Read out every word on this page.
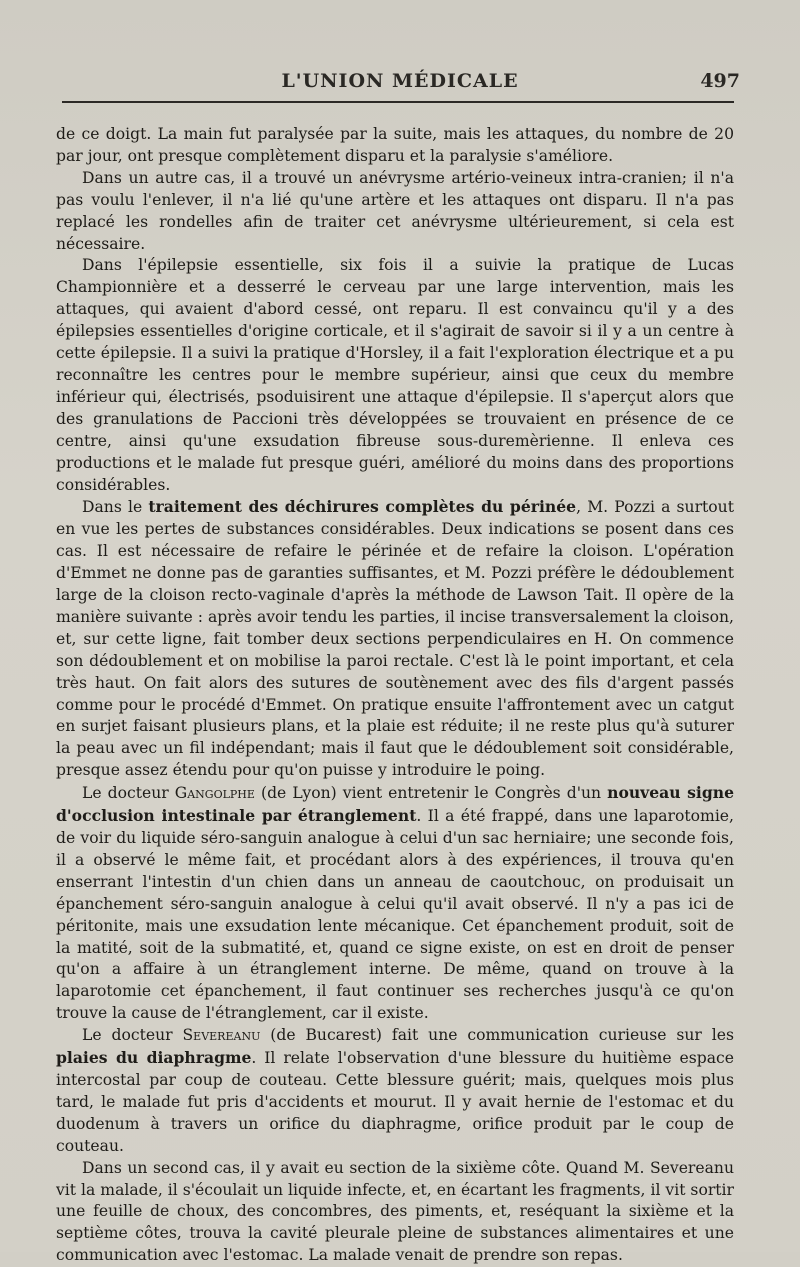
L'UNION MÉDICALE	497

de ce doigt. La main fut paralysée par la suite, mais les attaques, du nombre de 20 par jour, ont presque complètement disparu et la paralysie s'améliore.

Dans un autre cas, il a trouvé un anévrysme artério-veineux intra-cranien; il n'a pas voulu l'enlever, il n'a lié qu'une artère et les attaques ont disparu. Il n'a pas replacé les rondelles afin de traiter cet anévrysme ultérieurement, si cela est nécessaire.

Dans l'épilepsie essentielle, six fois il a suivie la pratique de Lucas Championnière et a desserré le cerveau par une large intervention, mais les attaques, qui avaient d'abord cessé, ont reparu. Il est convaincu qu'il y a des épilepsies essentielles d'origine corticale, et il s'agirait de savoir si il y a un centre à cette épilepsie. Il a suivi la pratique d'Horsley, il a fait l'exploration électrique et a pu reconnaître les centres pour le membre supérieur, ainsi que ceux du membre inférieur qui, électrisés, psoduisirent une attaque d'épilepsie. Il s'aperçut alors que des granulations de Paccioni très développées se trouvaient en présence de ce centre, ainsi qu'une exsudation fibreuse sous-duremèrienne. Il enleva ces productions et le malade fut presque guéri, amélioré du moins dans des proportions considérables.

Dans le traitement des déchirures complètes du périnée, M. Pozzi a surtout en vue les pertes de substances considérables. Deux indications se posent dans ces cas. Il est nécessaire de refaire le périnée et de refaire la cloison. L'opération d'Emmet ne donne pas de garanties suffisantes, et M. Pozzi préfère le dédoublement large de la cloison recto-vaginale d'après la méthode de Lawson Tait. Il opère de la manière suivante : après avoir tendu les parties, il incise transversalement la cloison, et, sur cette ligne, fait tomber deux sections perpendiculaires en H. On commence son dédoublement et on mobilise la paroi rectale. C'est là le point important, et cela très haut. On fait alors des sutures de soutènement avec des fils d'argent passés comme pour le procédé d'Emmet. On pratique ensuite l'affrontement avec un catgut en surjet faisant plusieurs plans, et la plaie est réduite; il ne reste plus qu'à suturer la peau avec un fil indépendant; mais il faut que le dédoublement soit considérable, presque assez étendu pour qu'on puisse y introduire le poing.

Le docteur Gangolphe (de Lyon) vient entretenir le Congrès d'un nouveau signe d'occlusion intestinale par étranglement. Il a été frappé, dans une laparotomie, de voir du liquide séro-sanguin analogue à celui d'un sac herniaire; une seconde fois, il a observé le même fait, et procédant alors à des expériences, il trouva qu'en enserrant l'intestin d'un chien dans un anneau de caoutchouc, on produisait un épanchement séro-sanguin analogue à celui qu'il avait observé. Il n'y a pas ici de péritonite, mais une exsudation lente mécanique. Cet épanchement produit, soit de la matité, soit de la submatité, et, quand ce signe existe, on est en droit de penser qu'on a affaire à un étranglement interne. De même, quand on trouve à la laparotomie cet épanchement, il faut continuer ses recherches jusqu'à ce qu'on trouve la cause de l'étranglement, car il existe.

Le docteur Severeanu (de Bucarest) fait une communication curieuse sur les plaies du diaphragme. Il relate l'observation d'une blessure du huitième espace intercostal par coup de couteau. Cette blessure guérit; mais, quelques mois plus tard, le malade fut pris d'accidents et mourut. Il y avait hernie de l'estomac et du duodenum à travers un orifice du diaphragme, orifice produit par le coup de couteau.

Dans un second cas, il y avait eu section de la sixième côte. Quand M. Severeanu vit la malade, il s'écoulait un liquide infecte, et, en écartant les fragments, il vit sortir une feuille de choux, des concombres, des piments, et, reséquant la sixième et la septième côtes, trouva la cavité pleurale pleine de substances alimentaires et une communication avec l'estomac. La malade venait de prendre son repas.
